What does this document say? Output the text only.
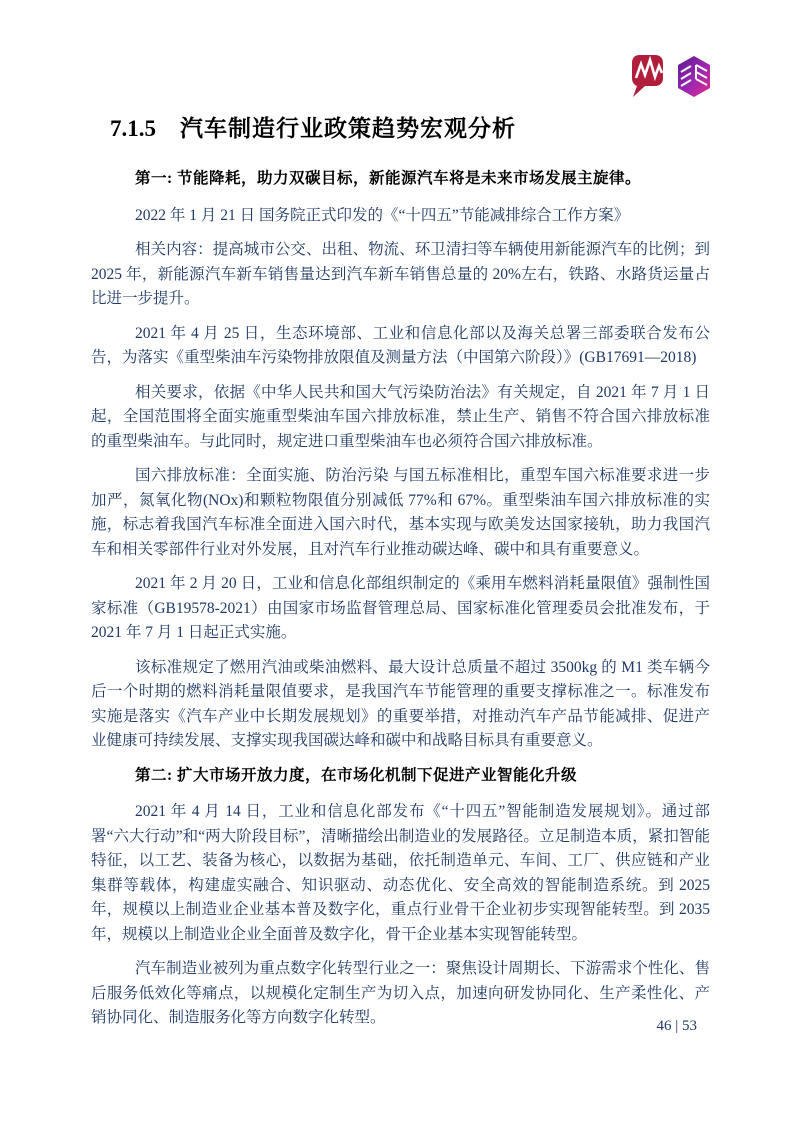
7.1.5 汽车制造行业政策趋势宏观分析

第一: 节能降耗，助力双碳目标，新能源汽车将是未来市场发展主旋律。

2022 年 1 月 21 日 国务院正式印发的《“十四五”节能减排综合工作方案》

相关内容：提高城市公交、出租、物流、环卫清扫等车辆使用新能源汽车的比例；到 2025 年，新能源汽车新车销售量达到汽车新车销售总量的 20%左右，铁路、水路货运量占比进一步提升。

2021 年 4 月 25 日，生态环境部、工业和信息化部以及海关总署三部委联合发布公告，为落实《重型柴油车污染物排放限值及测量方法（中国第六阶段）》(GB17691—2018)

相关要求，依据《中华人民共和国大气污染防治法》有关规定，自 2021 年 7 月 1 日起，全国范围将全面实施重型柴油车国六排放标准，禁止生产、销售不符合国六排放标准的重型柴油车。与此同时，规定进口重型柴油车也必须符合国六排放标准。

国六排放标准：全面实施、防治污染 与国五标准相比，重型车国六标准要求进一步加严，氮氧化物(NOx)和颗粒物限值分别减低 77%和 67%。重型柴油车国六排放标准的实施，标志着我国汽车标准全面进入国六时代，基本实现与欧美发达国家接轨，助力我国汽车和相关零部件行业对外发展，且对汽车行业推动碳达峰、碳中和具有重要意义。

2021 年 2 月 20 日，工业和信息化部组织制定的《乘用车燃料消耗量限值》强制性国家标准（GB19578-2021）由国家市场监督管理总局、国家标准化管理委员会批准发布，于 2021 年 7 月 1 日起正式实施。

该标准规定了燃用汽油或柴油燃料、最大设计总质量不超过 3500kg 的 M1 类车辆今后一个时期的燃料消耗量限值要求，是我国汽车节能管理的重要支撑标准之一。标准发布实施是落实《汽车产业中长期发展规划》的重要举措，对推动汽车产品节能减排、促进产业健康可持续发展、支撑实现我国碳达峰和碳中和战略目标具有重要意义。

第二: 扩大市场开放力度，在市场化机制下促进产业智能化升级

2021 年 4 月 14 日，工业和信息化部发布《“十四五”智能制造发展规划》。通过部署“六大行动”和“两大阶段目标”，清晰描绘出制造业的发展路径。立足制造本质，紧扣智能特征，以工艺、装备为核心，以数据为基础，依托制造单元、车间、工厂、供应链和产业集群等载体，构建虚实融合、知识驱动、动态优化、安全高效的智能制造系统。到 2025 年，规模以上制造业企业基本普及数字化，重点行业骨干企业初步实现智能转型。到 2035 年，规模以上制造业企业全面普及数字化，骨干企业基本实现智能转型。

汽车制造业被列为重点数字化转型行业之一：聚焦设计周期长、下游需求个性化、售后服务低效化等痛点，以规模化定制生产为切入点，加速向研发协同化、生产柔性化、产销协同化、制造服务化等方向数字化转型。	46 | 53
